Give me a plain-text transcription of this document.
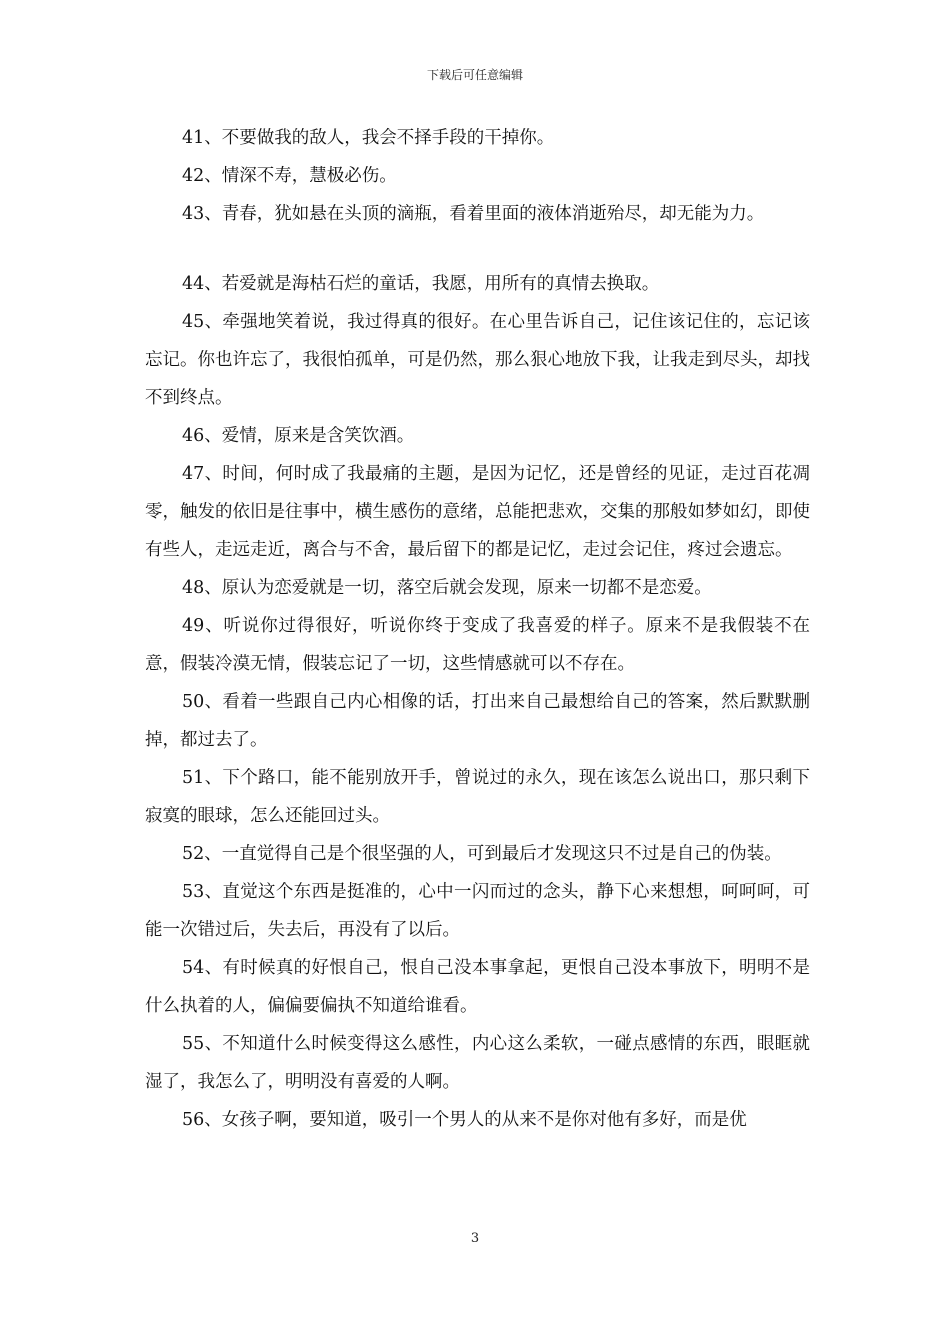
下载后可任意编辑

41、不要做我的敌人，我会不择手段的干掉你。

42、情深不寿，慧极必伤。

43、青春，犹如悬在头顶的滴瓶，看着里面的液体消逝殆尽，却无能为力。

44、若爱就是海枯石烂的童话，我愿，用所有的真情去换取。

45、牵强地笑着说，我过得真的很好。在心里告诉自己，记住该记住的，忘记该忘记。你也许忘了，我很怕孤单，可是仍然，那么狠心地放下我，让我走到尽头，却找不到终点。

46、爱情，原来是含笑饮酒。

47、时间，何时成了我最痛的主题，是因为记忆，还是曾经的见证，走过百花凋零，触发的依旧是往事中，横生感伤的意绪，总能把悲欢，交集的那般如梦如幻，即使有些人，走远走近，离合与不舍，最后留下的都是记忆，走过会记住，疼过会遗忘。

48、原认为恋爱就是一切，落空后就会发现，原来一切都不是恋爱。

49、听说你过得很好，听说你终于变成了我喜爱的样子。原来不是我假装不在意，假装冷漠无情，假装忘记了一切，这些情感就可以不存在。

50、看着一些跟自己内心相像的话，打出来自己最想给自己的答案，然后默默删掉，都过去了。

51、下个路口，能不能别放开手，曾说过的永久，现在该怎么说出口，那只剩下寂寞的眼球，怎么还能回过头。

52、一直觉得自己是个很坚强的人，可到最后才发现这只不过是自己的伪装。

53、直觉这个东西是挺准的，心中一闪而过的念头，静下心来想想，呵呵呵，可能一次错过后，失去后，再没有了以后。

54、有时候真的好恨自己，恨自己没本事拿起，更恨自己没本事放下，明明不是什么执着的人，偏偏要偏执不知道给谁看。

55、不知道什么时候变得这么感性，内心这么柔软，一碰点感情的东西，眼眶就湿了，我怎么了，明明没有喜爱的人啊。

56、女孩子啊，要知道，吸引一个男人的从来不是你对他有多好，而是优

3
